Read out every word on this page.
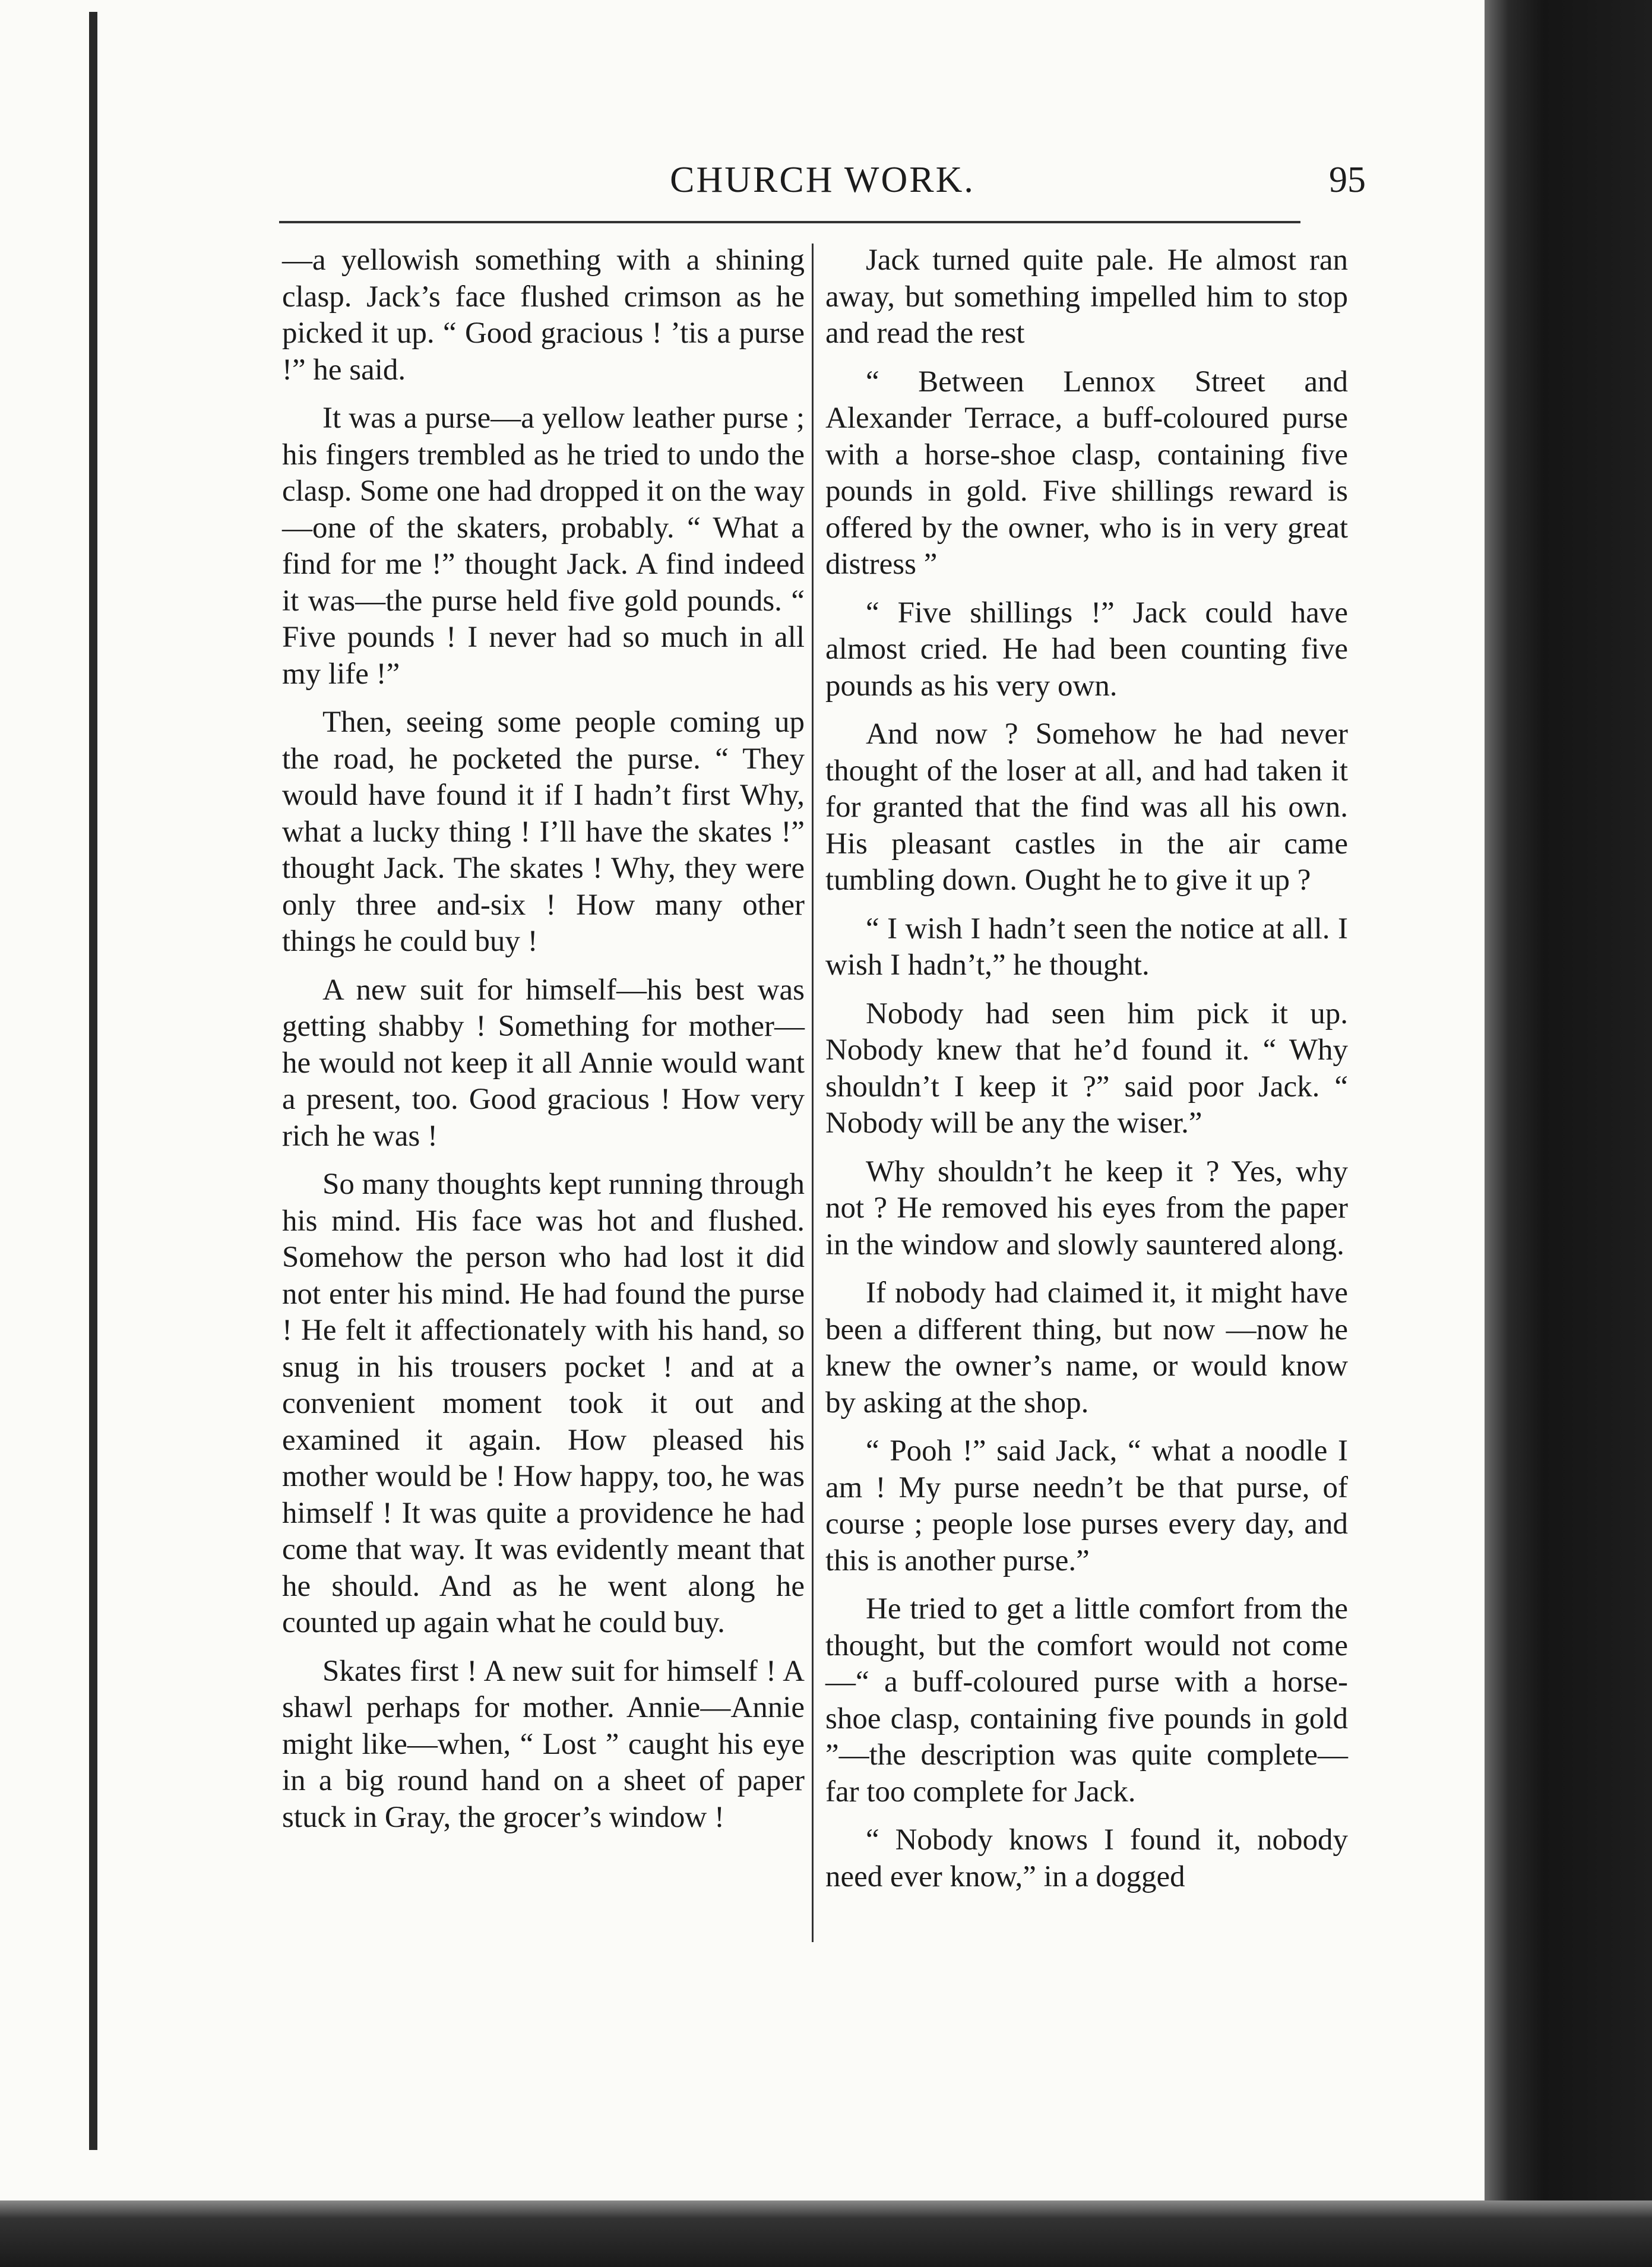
CHURCH WORK.	95

—a yellowish something with a shining clasp. Jack’s face flushed crimson as he picked it up. “ Good gracious ! ’tis a purse !” he said.

It was a purse—a yellow leather purse ; his fingers trembled as he tried to undo the clasp. Some one had dropped it on the way—one of the skaters, probably. “ What a find for me !” thought Jack. A find indeed it was—the purse held five gold pounds. “ Five pounds ! I never had so much in all my life !”

Then, seeing some people coming up the road, he pocketed the purse. “ They would have found it if I hadn’t first Why, what a lucky thing ! I’ll have the skates !” thought Jack. The skates ! Why, they were only three and-six ! How many other things he could buy !

A new suit for himself—his best was getting shabby ! Something for mother—he would not keep it all Annie would want a present, too. Good gracious ! How very rich he was !

So many thoughts kept running through his mind. His face was hot and flushed. Somehow the person who had lost it did not enter his mind. He had found the purse ! He felt it affectionately with his hand, so snug in his trousers pocket ! and at a convenient moment took it out and examined it again. How pleased his mother would be ! How happy, too, he was himself ! It was quite a providence he had come that way. It was evidently meant that he should. And as he went along he counted up again what he could buy.

Skates first ! A new suit for himself ! A shawl perhaps for mother. Annie—Annie might like—when, “ Lost ” caught his eye in a big round hand on a sheet of paper stuck in Gray, the grocer’s window !

Jack turned quite pale. He almost ran away, but something impelled him to stop and read the rest

“ Between Lennox Street and Alexander Terrace, a buff-coloured purse with a horse-shoe clasp, containing five pounds in gold. Five shillings reward is offered by the owner, who is in very great distress ”

“ Five shillings !” Jack could have almost cried. He had been counting five pounds as his very own.

And now ? Somehow he had never thought of the loser at all, and had taken it for granted that the find was all his own. His pleasant castles in the air came tumbling down. Ought he to give it up ?

“ I wish I hadn’t seen the notice at all. I wish I hadn’t,” he thought.

Nobody had seen him pick it up. Nobody knew that he’d found it. “ Why shouldn’t I keep it ?” said poor Jack. “ Nobody will be any the wiser.”

Why shouldn’t he keep it ? Yes, why not ? He removed his eyes from the paper in the window and slowly sauntered along.

If nobody had claimed it, it might have been a different thing, but now —now he knew the owner’s name, or would know by asking at the shop.

“ Pooh !” said Jack, “ what a noodle I am ! My purse needn’t be that purse, of course ; people lose purses every day, and this is another purse.”

He tried to get a little comfort from the thought, but the comfort would not come—“ a buff-coloured purse with a horse-shoe clasp, containing five pounds in gold ”—the description was quite complete—far too complete for Jack.

“ Nobody knows I found it, nobody need ever know,” in a dogged
